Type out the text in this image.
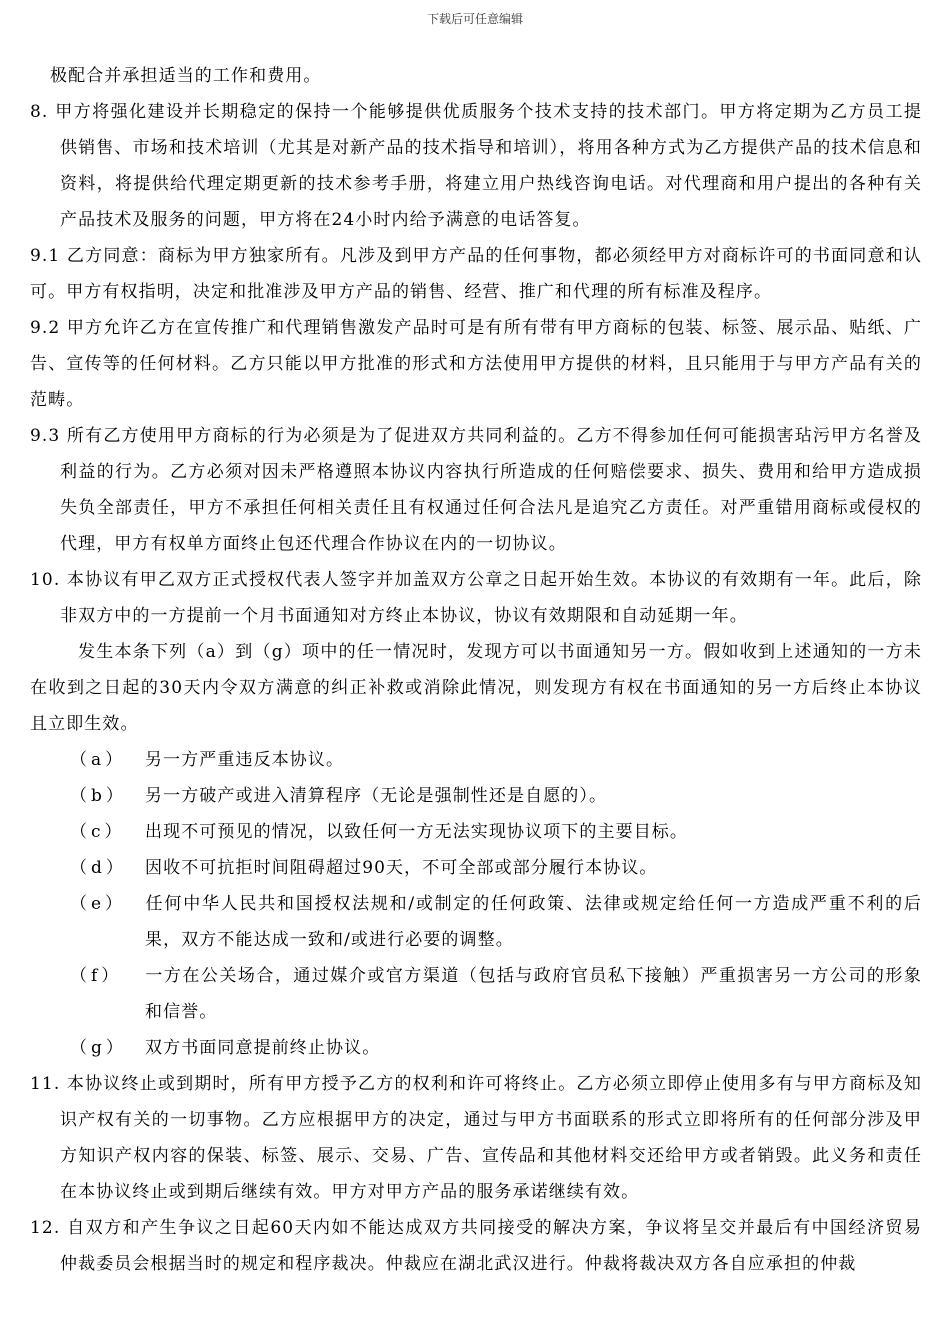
下载后可任意编辑

极配合并承担适当的工作和费用。

8. 甲方将强化建设并长期稳定的保持一个能够提供优质服务个技术支持的技术部门。甲方将定期为乙方员工提供销售、市场和技术培训（尤其是对新产品的技术指导和培训），将用各种方式为乙方提供产品的技术信息和资料，将提供给代理定期更新的技术参考手册，将建立用户热线咨询电话。对代理商和用户提出的各种有关产品技术及服务的问题，甲方将在24小时内给予满意的电话答复。

9.1 乙方同意：商标为甲方独家所有。凡涉及到甲方产品的任何事物，都必须经甲方对商标许可的书面同意和认可。甲方有权指明，决定和批准涉及甲方产品的销售、经营、推广和代理的所有标准及程序。

9.2 甲方允许乙方在宣传推广和代理销售激发产品时可是有所有带有甲方商标的包装、标签、展示品、贴纸、广告、宣传等的任何材料。乙方只能以甲方批准的形式和方法使用甲方提供的材料，且只能用于与甲方产品有关的范畴。

9.3 所有乙方使用甲方商标的行为必须是为了促进双方共同利益的。乙方不得参加任何可能损害玷污甲方名誉及利益的行为。乙方必须对因未严格遵照本协议内容执行所造成的任何赔偿要求、损失、费用和给甲方造成损失负全部责任，甲方不承担任何相关责任且有权通过任何合法凡是追究乙方责任。对严重错用商标或侵权的代理，甲方有权单方面终止包还代理合作协议在内的一切协议。

10. 本协议有甲乙双方正式授权代表人签字并加盖双方公章之日起开始生效。本协议的有效期有一年。此后，除非双方中的一方提前一个月书面通知对方终止本协议，协议有效期限和自动延期一年。

发生本条下列（a）到（g）项中的任一情况时，发现方可以书面通知另一方。假如收到上述通知的一方未在收到之日起的30天内令双方满意的纠正补救或消除此情况，则发现方有权在书面通知的另一方后终止本协议且立即生效。

（a） 另一方严重违反本协议。

（b） 另一方破产或进入清算程序（无论是强制性还是自愿的）。

（c） 出现不可预见的情况，以致任何一方无法实现协议项下的主要目标。

（d） 因收不可抗拒时间阻碍超过90天，不可全部或部分履行本协议。

（e） 任何中华人民共和国授权法规和/或制定的任何政策、法律或规定给任何一方造成严重不利的后果，双方不能达成一致和/或进行必要的调整。

（f） 一方在公关场合，通过媒介或官方渠道（包括与政府官员私下接触）严重损害另一方公司的形象和信誉。

（g） 双方书面同意提前终止协议。

11. 本协议终止或到期时，所有甲方授予乙方的权利和许可将终止。乙方必须立即停止使用多有与甲方商标及知识产权有关的一切事物。乙方应根据甲方的决定，通过与甲方书面联系的形式立即将所有的任何部分涉及甲方知识产权内容的保装、标签、展示、交易、广告、宣传品和其他材料交还给甲方或者销毁。此义务和责任在本协议终止或到期后继续有效。甲方对甲方产品的服务承诺继续有效。

12. 自双方和产生争议之日起60天内如不能达成双方共同接受的解决方案，争议将呈交并最后有中国经济贸易仲裁委员会根据当时的规定和程序裁决。仲裁应在湖北武汉进行。仲裁将裁决双方各自应承担的仲裁
